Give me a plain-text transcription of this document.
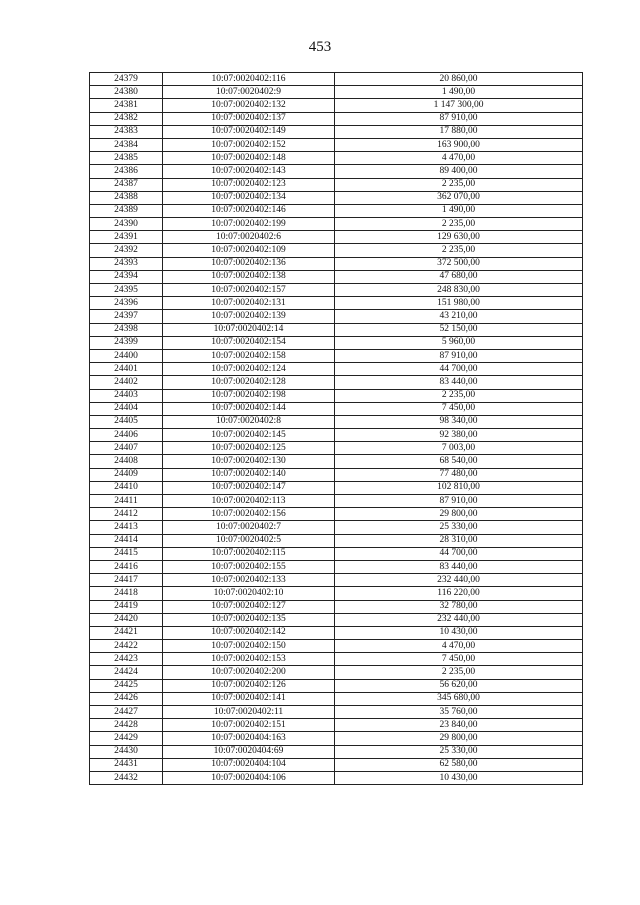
453
24379	10:07:0020402:116	20 860,00
24380	10:07:0020402:9	1 490,00
24381	10:07:0020402:132	1 147 300,00
24382	10:07:0020402:137	87 910,00
24383	10:07:0020402:149	17 880,00
24384	10:07:0020402:152	163 900,00
24385	10:07:0020402:148	4 470,00
24386	10:07:0020402:143	89 400,00
24387	10:07:0020402:123	2 235,00
24388	10:07:0020402:134	362 070,00
24389	10:07:0020402:146	1 490,00
24390	10:07:0020402:199	2 235,00
24391	10:07:0020402:6	129 630,00
24392	10:07:0020402:109	2 235,00
24393	10:07:0020402:136	372 500,00
24394	10:07:0020402:138	47 680,00
24395	10:07:0020402:157	248 830,00
24396	10:07:0020402:131	151 980,00
24397	10:07:0020402:139	43 210,00
24398	10:07:0020402:14	52 150,00
24399	10:07:0020402:154	5 960,00
24400	10:07:0020402:158	87 910,00
24401	10:07:0020402:124	44 700,00
24402	10:07:0020402:128	83 440,00
24403	10:07:0020402:198	2 235,00
24404	10:07:0020402:144	7 450,00
24405	10:07:0020402:8	98 340,00
24406	10:07:0020402:145	92 380,00
24407	10:07:0020402:125	7 003,00
24408	10:07:0020402:130	68 540,00
24409	10:07:0020402:140	77 480,00
24410	10:07:0020402:147	102 810,00
24411	10:07:0020402:113	87 910,00
24412	10:07:0020402:156	29 800,00
24413	10:07:0020402:7	25 330,00
24414	10:07:0020402:5	28 310,00
24415	10:07:0020402:115	44 700,00
24416	10:07:0020402:155	83 440,00
24417	10:07:0020402:133	232 440,00
24418	10:07:0020402:10	116 220,00
24419	10:07:0020402:127	32 780,00
24420	10:07:0020402:135	232 440,00
24421	10:07:0020402:142	10 430,00
24422	10:07:0020402:150	4 470,00
24423	10:07:0020402:153	7 450,00
24424	10:07:0020402:200	2 235,00
24425	10:07:0020402:126	56 620,00
24426	10:07:0020402:141	345 680,00
24427	10:07:0020402:11	35 760,00
24428	10:07:0020402:151	23 840,00
24429	10:07:0020404:163	29 800,00
24430	10:07:0020404:69	25 330,00
24431	10:07:0020404:104	62 580,00
24432	10:07:0020404:106	10 430,00
